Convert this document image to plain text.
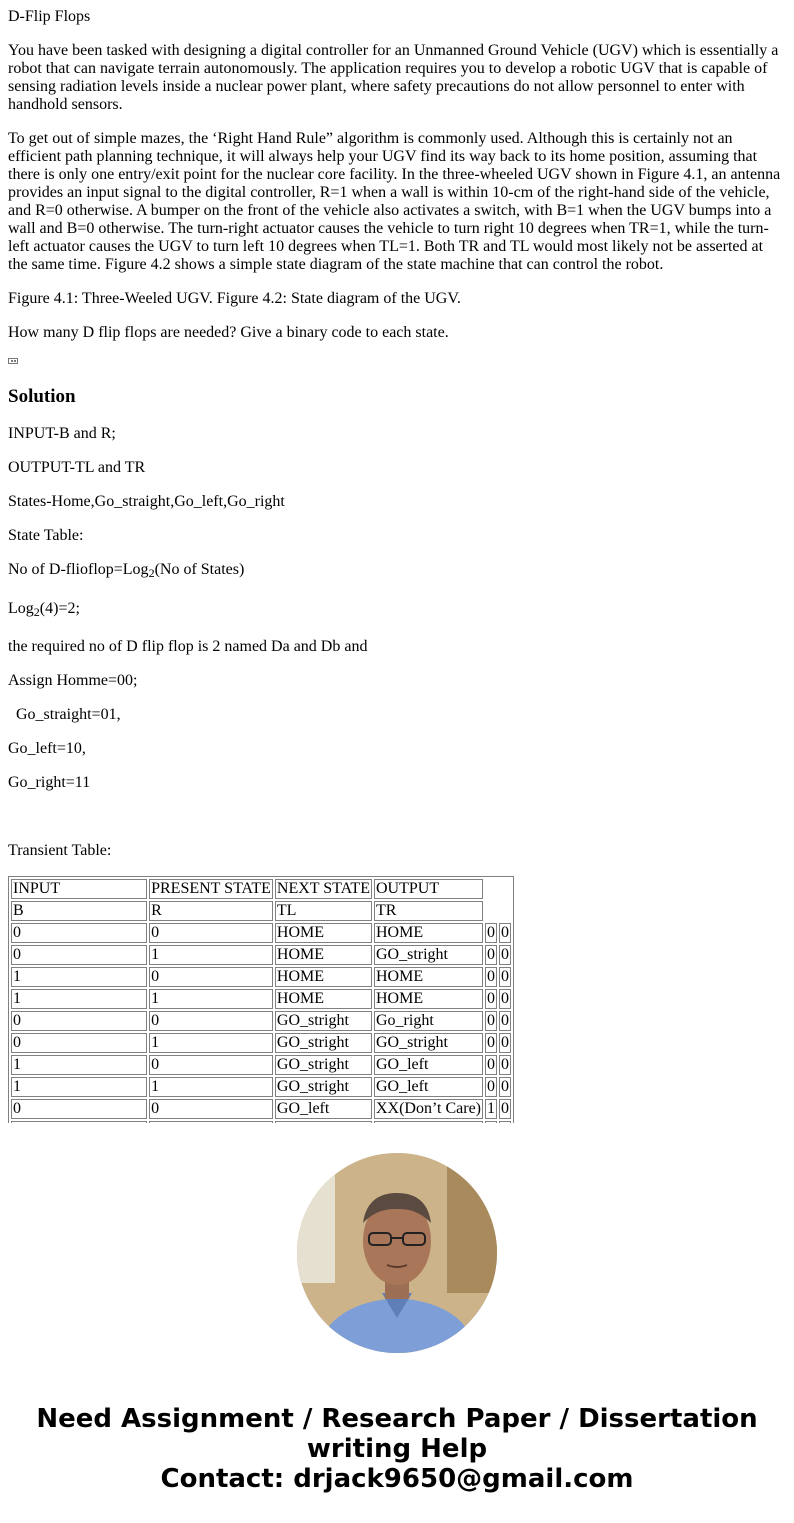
D-Flip Flops

You have been tasked with designing a digital controller for an Unmanned Ground Vehicle (UGV) which is essentially a robot that can navigate terrain autonomously. The application requires you to develop a robotic UGV that is capable of sensing radiation levels inside a nuclear power plant, where safety precautions do not allow personnel to enter with handhold sensors.

To get out of simple mazes, the ‘Right Hand Rule” algorithm is commonly used. Although this is certainly not an efficient path planning technique, it will always help your UGV find its way back to its home position, assuming that there is only one entry/exit point for the nuclear core facility. In the three-wheeled UGV shown in Figure 4.1, an antenna provides an input signal to the digital controller, R=1 when a wall is within 10-cm of the right-hand side of the vehicle, and R=0 otherwise. A bumper on the front of the vehicle also activates a switch, with B=1 when the UGV bumps into a wall and B=0 otherwise. The turn-right actuator causes the vehicle to turn right 10 degrees when TR=1, while the turn-left actuator causes the UGV to turn left 10 degrees when TL=1. Both TR and TL would most likely not be asserted at the same time. Figure 4.2 shows a simple state diagram of the state machine that can control the robot.

Figure 4.1: Three-Weeled UGV. Figure 4.2: State diagram of the UGV.

How many D flip flops are needed? Give a binary code to each state.

Solution

INPUT-B and R;

OUTPUT-TL and TR

States-Home,Go_straight,Go_left,Go_right

State Table:

No of D-flioflop=Log$_2$(No of States)

Log$_2$(4)=2;

the required no of D flip flop is 2 named Da and Db and

Assign Homme=00;

Go_straight=01,

Go_left=10,

Go_right=11

Transient Table:

INPUT	PRESENT STATE	NEXT STATE	OUTPUT		
B	R	TL	TR		
0	0	HOME	HOME	0	0
0	1	HOME	GO_stright	0	0
1	0	HOME	HOME	0	0
1	1	HOME	HOME	0	0
0	0	GO_stright	Go_right	0	0
0	1	GO_stright	GO_stright	0	0
1	0	GO_stright	GO_left	0	0
1	1	GO_stright	GO_left	0	0
0	0	GO_left	XX(Don’t Care)	1	0

Need Assignment / Research Paper / Dissertation
writing Help
Contact: drjack9650@gmail.com
